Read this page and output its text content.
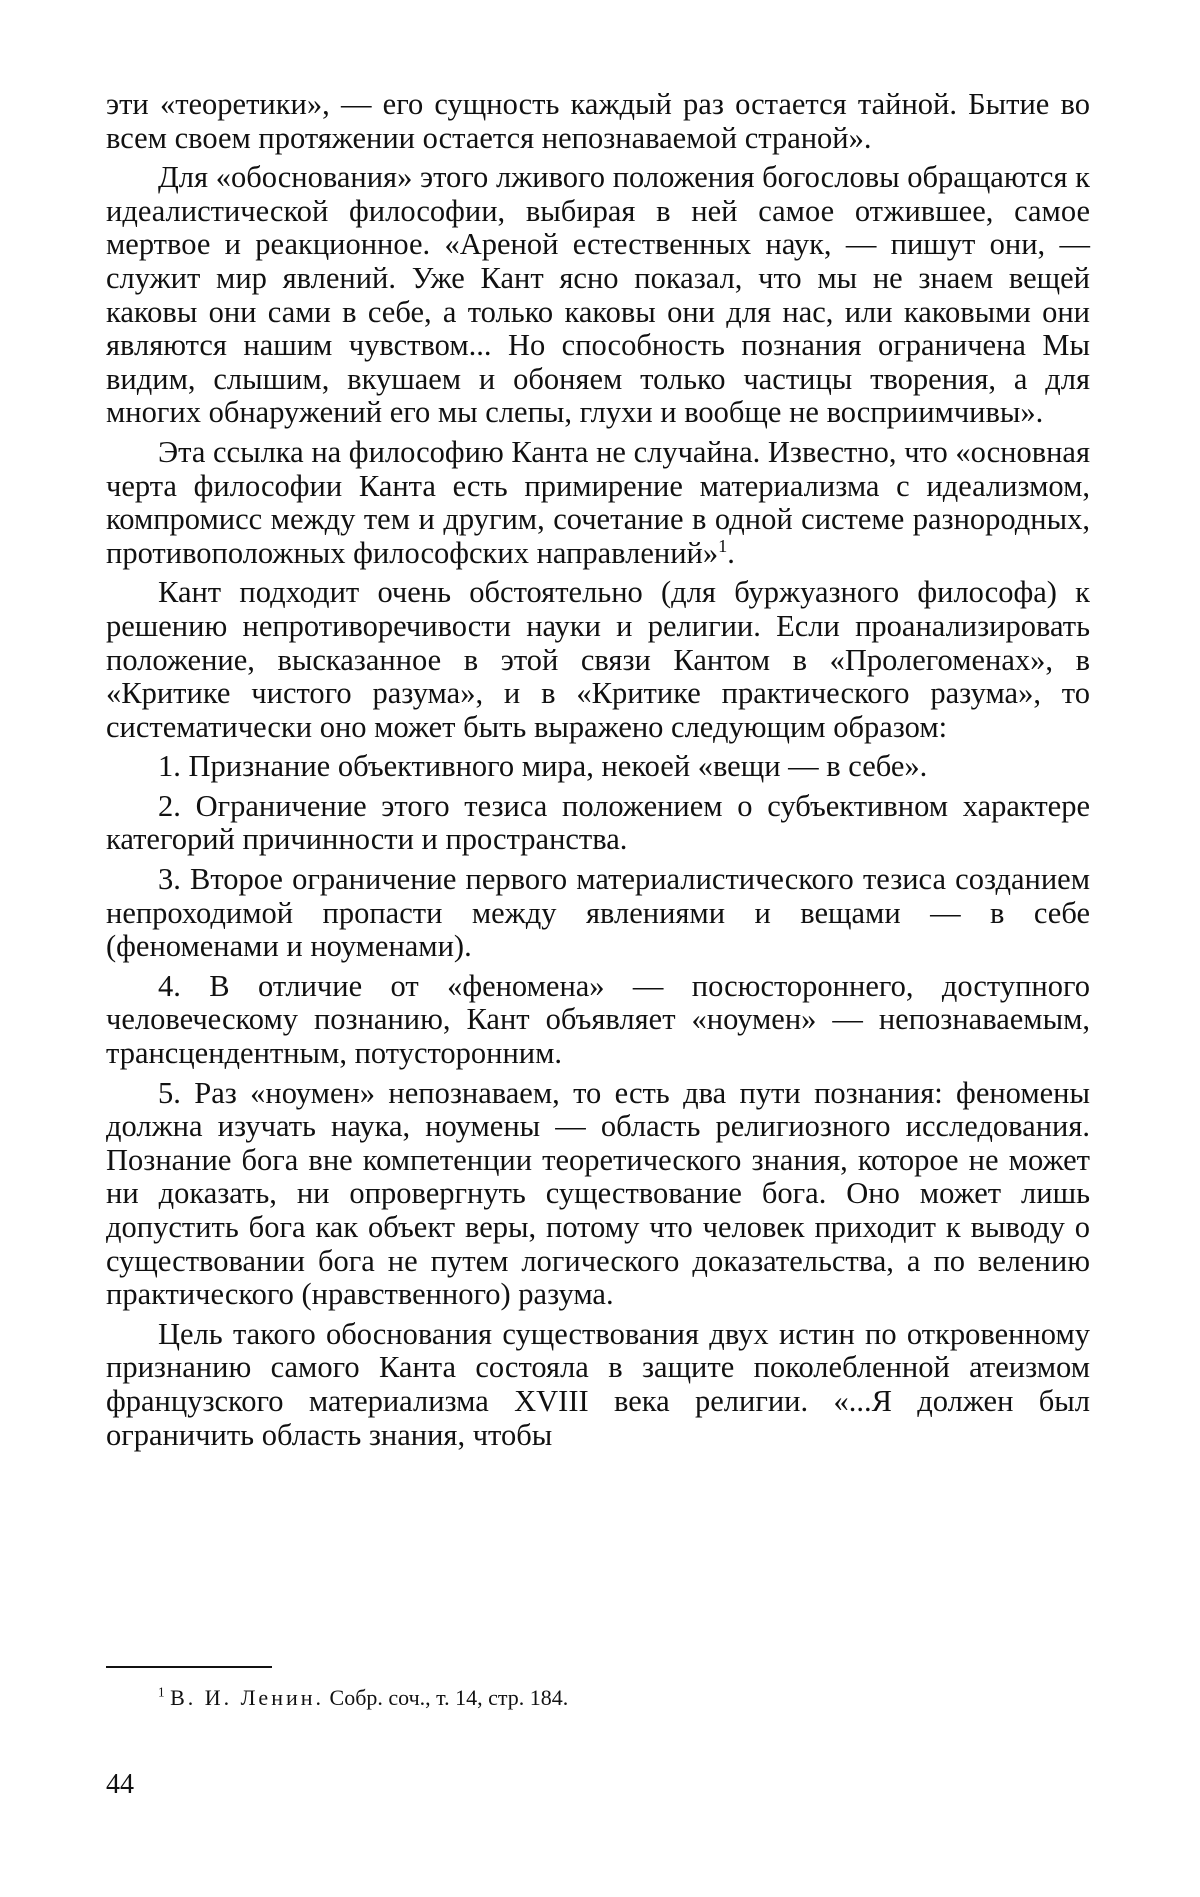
эти «теоретики», — его сущность каждый раз остается тайной. Бытие во всем своем протяжении остается непознаваемой страной».

Для «обоснования» этого лживого положения богословы обращаются к идеалистической философии, выбирая в ней самое отжившее, самое мертвое и реакционное. «Ареной естественных наук, — пишут они, — служит мир явлений. Уже Кант ясно показал, что мы не знаем вещей каковы они сами в себе, а только каковы они для нас, или каковыми они являются нашим чувством... Но способность познания ограничена Мы видим, слышим, вкушаем и обоняем только частицы творения, а для многих обнаружений его мы слепы, глухи и вообще не восприимчивы».

Эта ссылка на философию Канта не случайна. Известно, что «основная черта философии Канта есть примирение материализма с идеализмом, компромисс между тем и другим, сочетание в одной системе разнородных, противоположных философских направлений»$^1$.

Кант подходит очень обстоятельно (для буржуазного философа) к решению непротиворечивости науки и религии. Если проанализировать положение, высказанное в этой связи Кантом в «Пролегоменах», в «Критике чистого разума», и в «Критике практического разума», то систематически оно может быть выражено следующим образом:

1. Признание объективного мира, некоей «вещи — в себе».

2. Ограничение этого тезиса положением о субъективном характере категорий причинности и пространства.

3. Второе ограничение первого материалистического тезиса созданием непроходимой пропасти между явлениями и вещами — в себе (феноменами и ноуменами).

4. В отличие от «феномена» — посюстороннего, доступного человеческому познанию, Кант объявляет «ноумен» — непознаваемым, трансцендентным, потусторонним.

5. Раз «ноумен» непознаваем, то есть два пути познания: феномены должна изучать наука, ноумены — область религиозного исследования. Познание бога вне компетенции теоретического знания, которое не может ни доказать, ни опровергнуть существование бога. Оно может лишь допустить бога как объект веры, потому что человек приходит к выводу о существовании бога не путем логического доказательства, а по велению практического (нравственного) разума.

Цель такого обоснования существования двух истин по откровенному признанию самого Канта состояла в защите поколебленной атеизмом французского материализма XVIII века религии. «...Я должен был ограничить область знания, чтобы

$^1$ В. И. Ленин. Собр. соч., т. 14, стр. 184.
44
